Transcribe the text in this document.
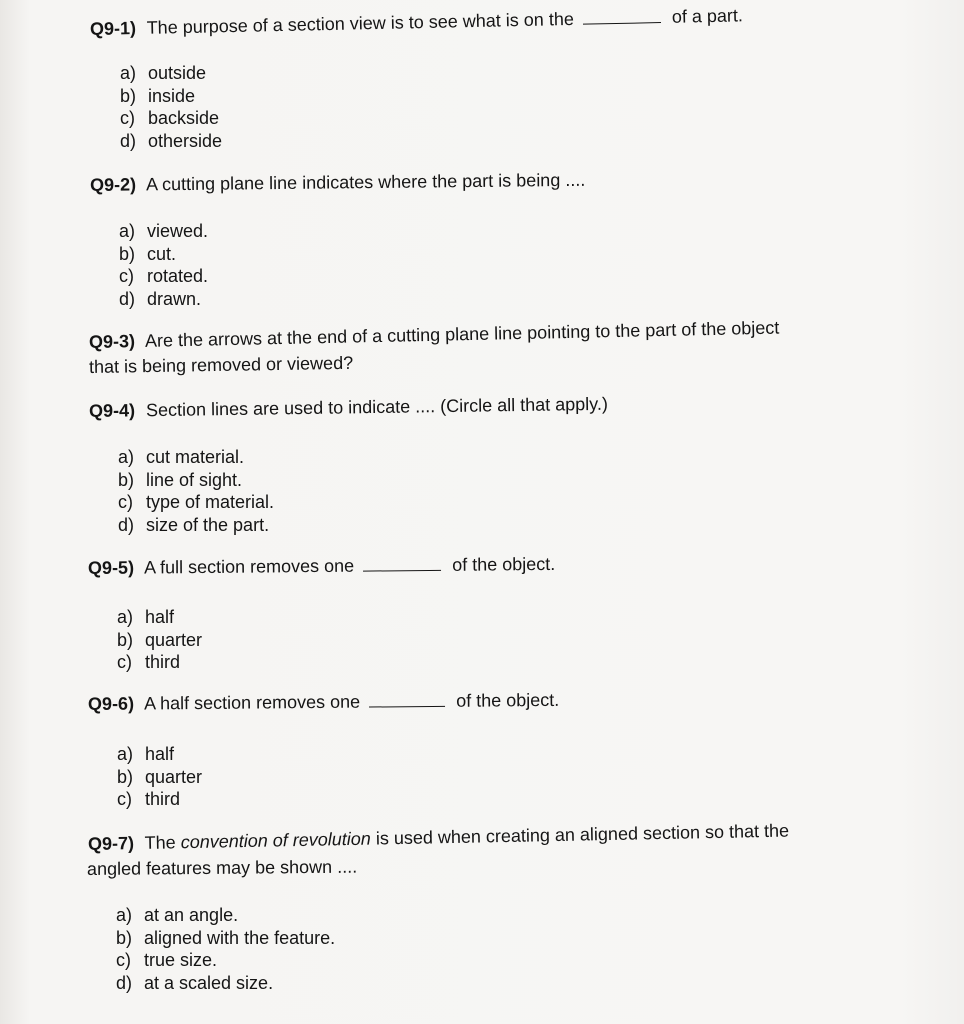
Q9-1) The purpose of a section view is to see what is on the	of a part.
a) outside
b) inside
c) backside
d) otherside
Q9-2) A cutting plane line indicates where the part is being ....
a) viewed.
b) cut.
c) rotated.
d) drawn.
Q9-3) Are the arrows at the end of a cutting plane line pointing to the part of the object
that is being removed or viewed?
Q9-4) Section lines are used to indicate .... (Circle all that apply.)
a) cut material.
b) line of sight.
c) type of material.
d) size of the part.
Q9-5) A full section removes one	of the object.
a) half
b) quarter
c) third
Q9-6) A half section removes one	of the object.
a) half
b) quarter
c) third
Q9-7) The convention of revolution is used when creating an aligned section so that the
angled features may be shown ....
a) at an angle.
b) aligned with the feature.
c) true size.
d) at a scaled size.
